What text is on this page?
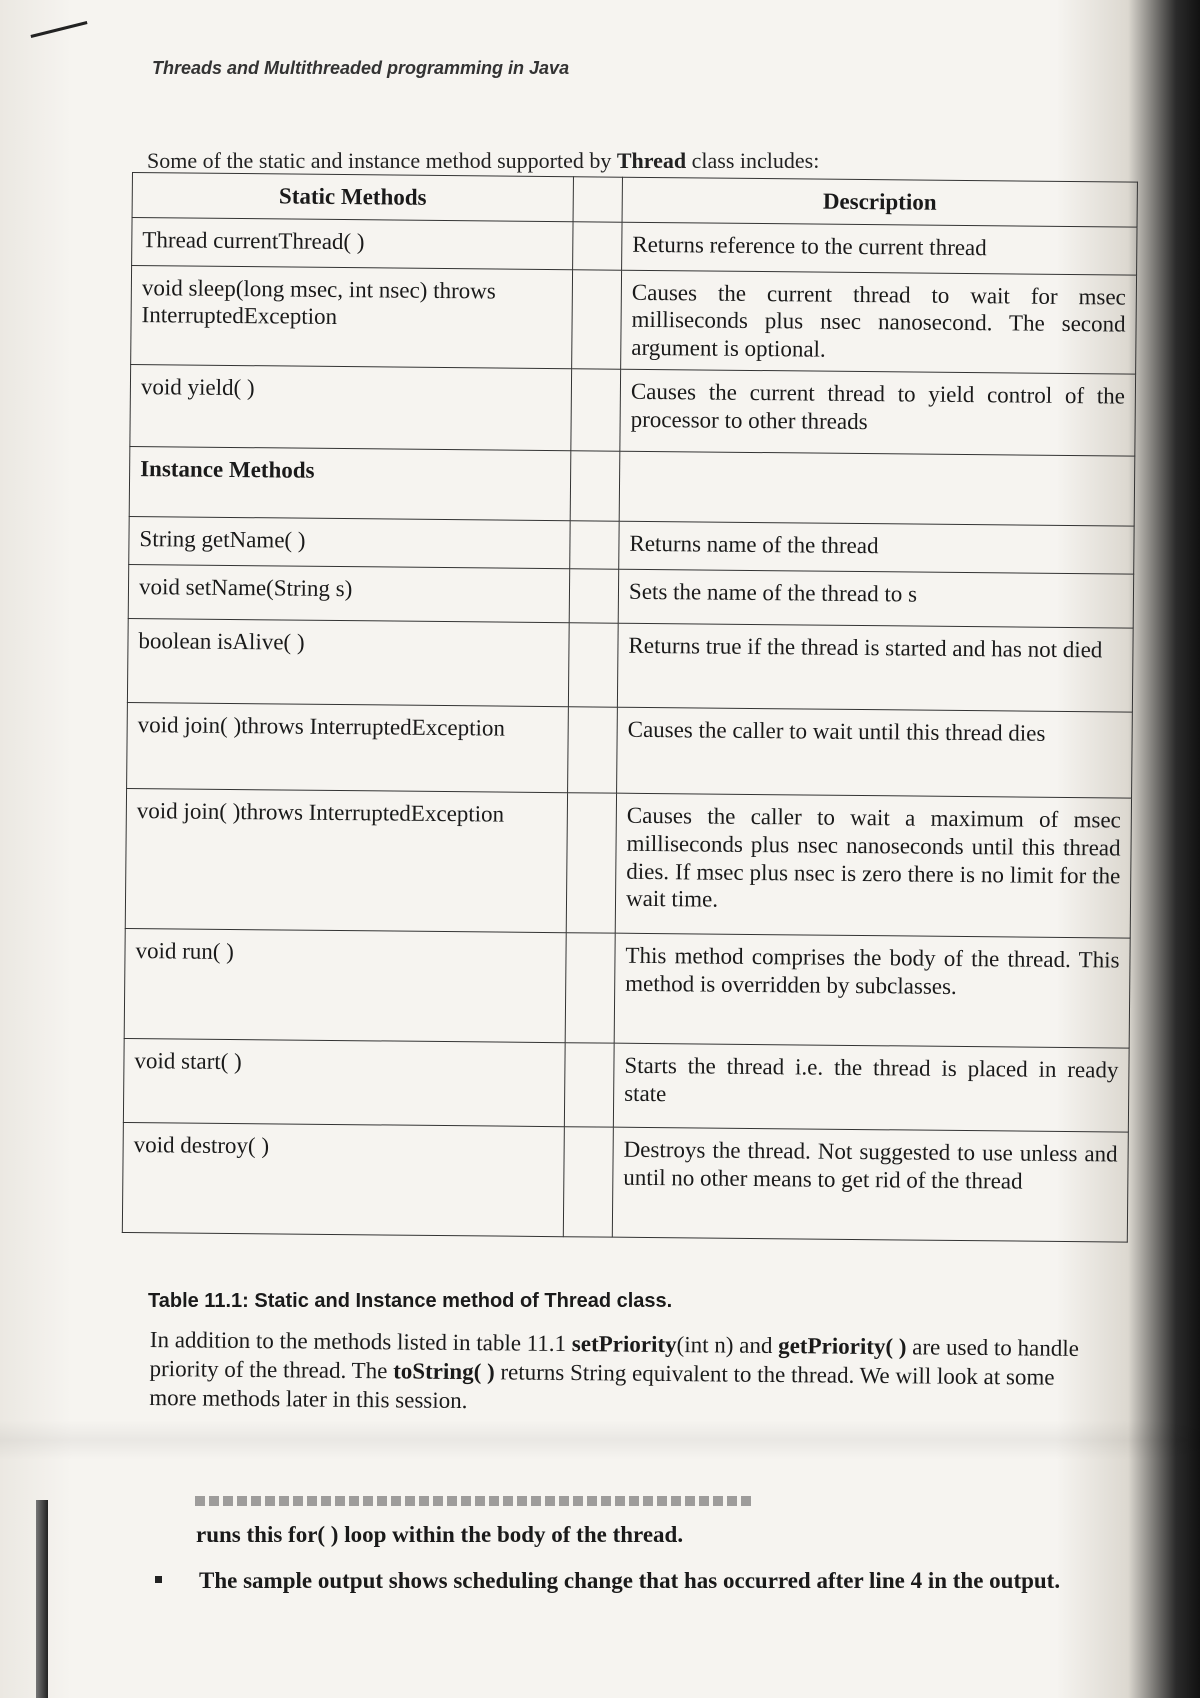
Threads and Multithreaded programming in Java
Some of the static and instance method supported by Thread class includes:
Static Methods		Description
Thread currentThread( )		Returns reference to the current thread
void sleep(long msec, int nsec) throws InterruptedException		Causes the current thread to wait for msec milliseconds plus nsec nanosecond. The second argument is optional.
void yield( )		Causes the current thread to yield control of the processor to other threads
Instance Methods		
String getName( )		Returns name of the thread
void setName(String s)		Sets the name of the thread to s
boolean isAlive( )		Returns true if the thread is started and has not died
void join( )throws InterruptedException		Causes the caller to wait until this thread dies
void join( )throws InterruptedException		Causes the caller to wait a maximum of msec milliseconds plus nsec nanoseconds until this thread dies. If msec plus nsec is zero there is no limit for the wait time.
void run( )		This method comprises the body of the thread. This method is overridden by subclasses.
void start( )		Starts the thread i.e. the thread is placed in ready state
void destroy( )		Destroys the thread. Not suggested to use unless and until no other means to get rid of the thread
Table 11.1: Static and Instance method of Thread class.
In addition to the methods listed in table 11.1 setPriority(int n) and getPriority( ) are used to handle priority of the thread. The toString( ) returns String equivalent to the thread. We will look at some more methods later in this session.
runs this for( ) loop within the body of the thread.
The sample output shows scheduling change that has occurred after line 4 in the output.
